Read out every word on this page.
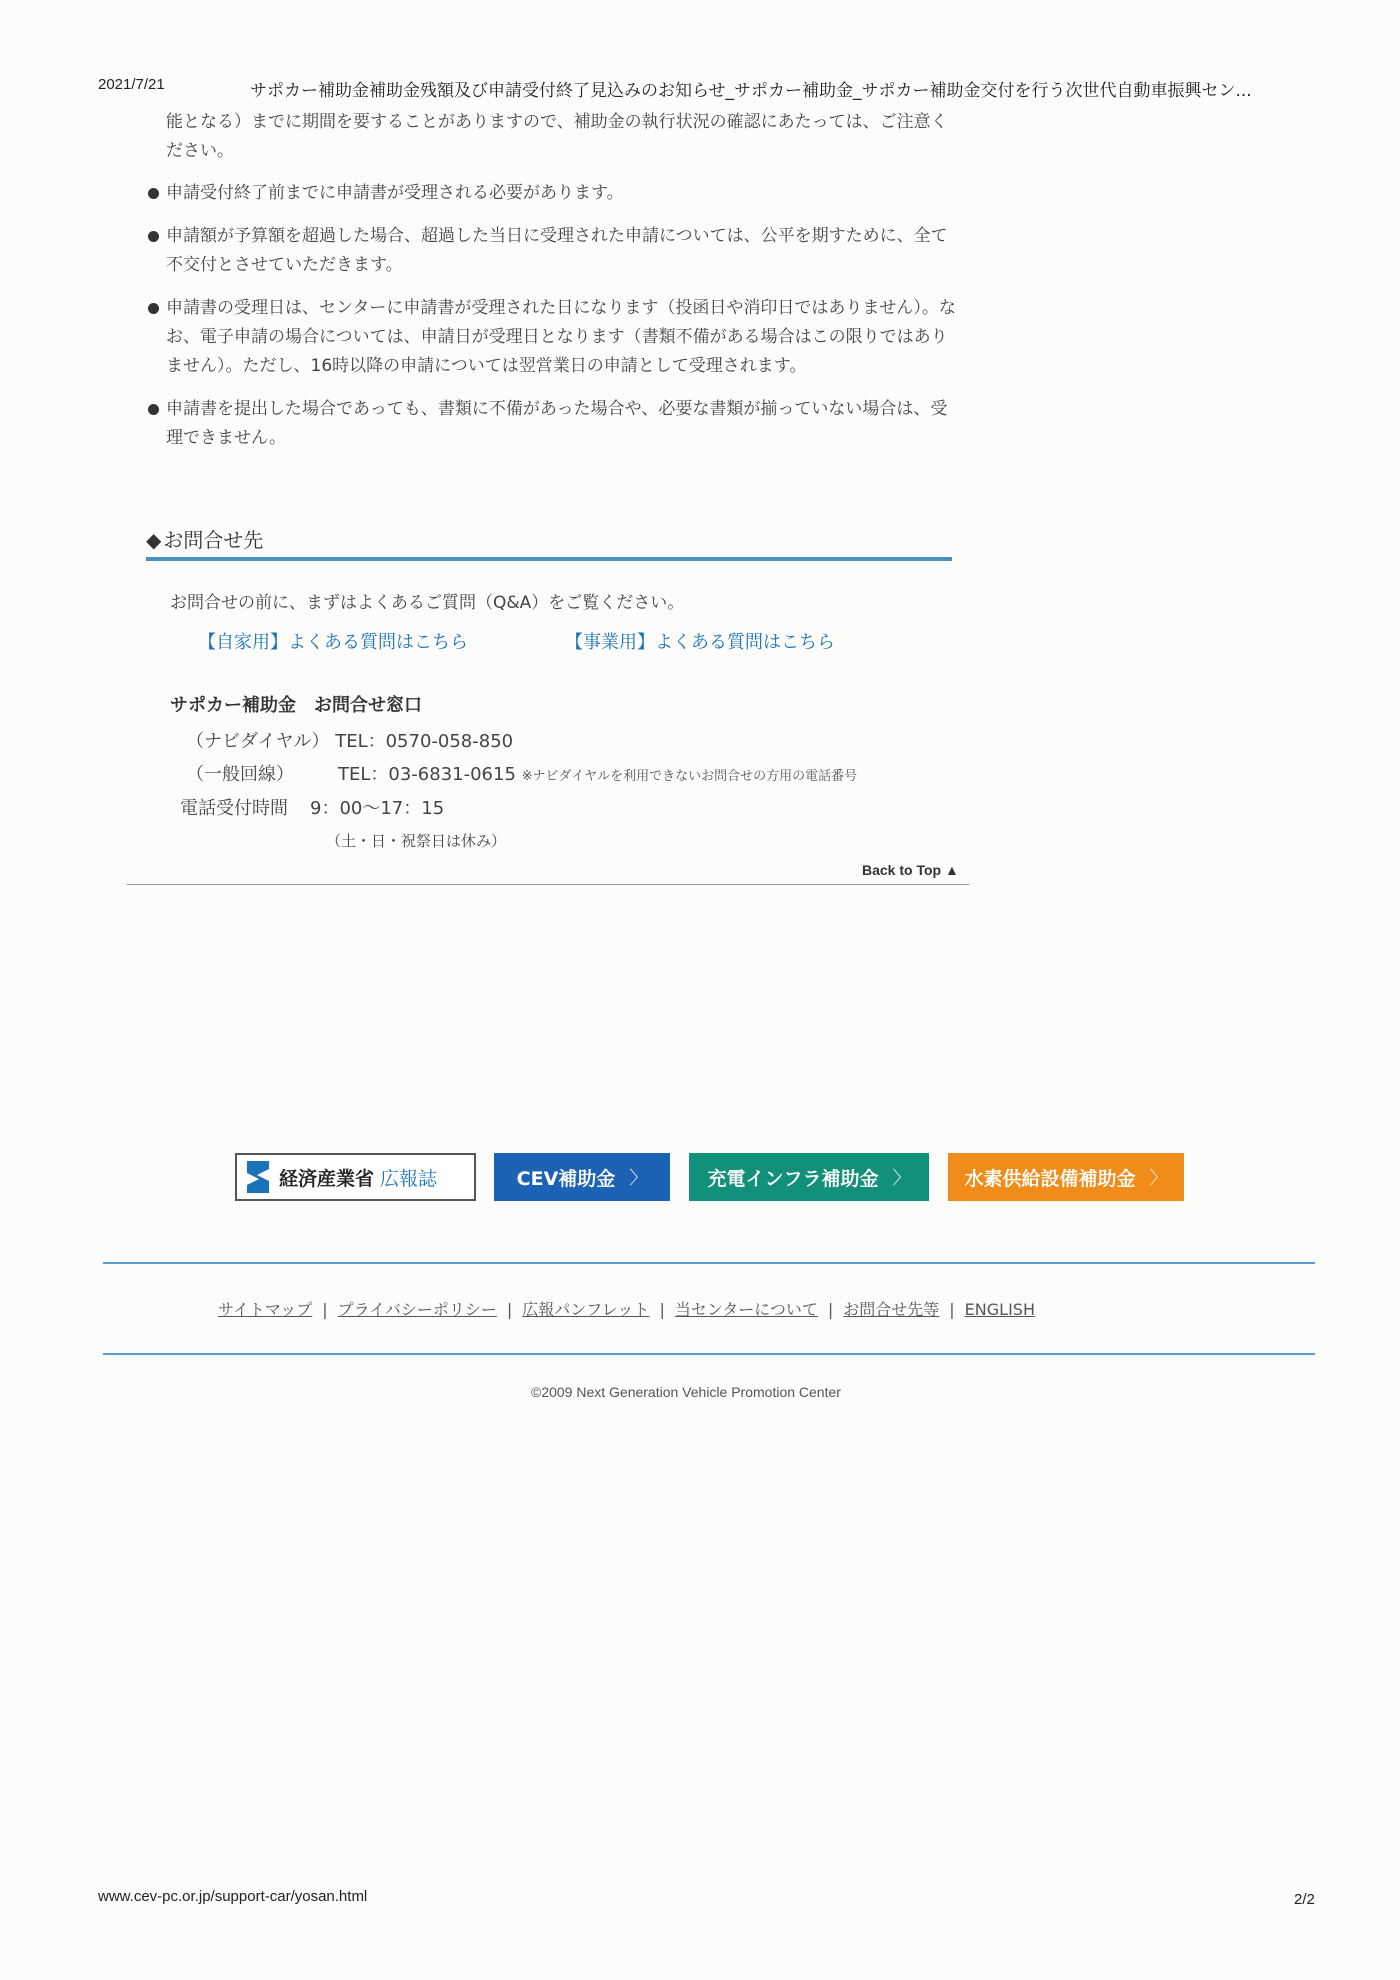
2021/7/21	サポカー補助金補助金残額及び申請受付終了見込みのお知らせ_サポカー補助金_サポカー補助金交付を行う次世代自動車振興セン...
能となる）までに期間を要することがありますので、補助金の執行状況の確認にあたっては、ご注意ください。
申請受付終了前までに申請書が受理される必要があります。
申請額が予算額を超過した場合、超過した当日に受理された申請については、公平を期すために、全て不交付とさせていただきます。
申請書の受理日は、センターに申請書が受理された日になります（投函日や消印日ではありません）。なお、電子申請の場合については、申請日が受理日となります（書類不備がある場合はこの限りではありません）。ただし、16時以降の申請については翌営業日の申請として受理されます。
申請書を提出した場合であっても、書類に不備があった場合や、必要な書類が揃っていない場合は、受理できません。
◆ お問合せ先
お問合せの前に、まずはよくあるご質問（Q&A）をご覧ください。
【自家用】よくある質問はこちら	【事業用】よくある質問はこちら
サポカー補助金　お問合せ窓口
（ナビダイヤル） TEL：0570-058-850
（一般回線） TEL：03-6831-0615 ※ナビダイヤルを利用できないお問合せの方用の電話番号
電話受付時間 9：00〜17：15
（土・日・祝祭日は休み）
Back to Top ▲
経済産業省 広報誌	CEV補助金 〉	充電インフラ補助金 〉	水素供給設備補助金 〉
サイトマップ | プライバシーポリシー | 広報パンフレット | 当センターについて | お問合せ先等 | ENGLISH
©2009 Next Generation Vehicle Promotion Center
www.cev-pc.or.jp/support-car/yosan.html	2/2
